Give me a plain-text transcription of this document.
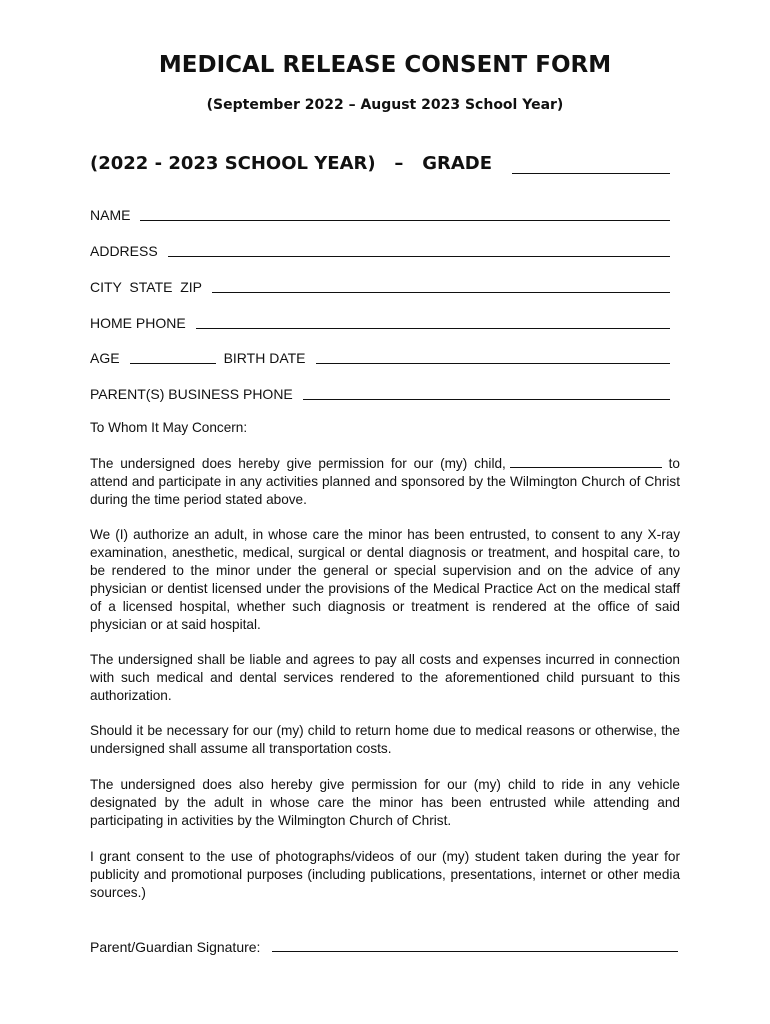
MEDICAL RELEASE CONSENT FORM
(September 2022 – August 2023 School Year)
(2022 - 2023 SCHOOL YEAR)   –   GRADE
NAME
ADDRESS
CITY  STATE  ZIP
HOME PHONE
AGE	BIRTH DATE
PARENT(S) BUSINESS PHONE
To Whom It May Concern:
The undersigned does hereby give permission for our (my) child,	to attend and participate in any activities planned and sponsored by the Wilmington Church of Christ during the time period stated above.
We (I) authorize an adult, in whose care the minor has been entrusted, to consent to any X-ray examination, anesthetic, medical, surgical or dental diagnosis or treatment, and hospital care, to be rendered to the minor under the general or special supervision and on the advice of any physician or dentist licensed under the provisions of the Medical Practice Act on the medical staff of a licensed hospital, whether such diagnosis or treatment is rendered at the office of said physician or at said hospital.
The undersigned shall be liable and agrees to pay all costs and expenses incurred in connection with such medical and dental services rendered to the aforementioned child pursuant to this authorization.
Should it be necessary for our (my) child to return home due to medical reasons or otherwise, the undersigned shall assume all transportation costs.
The undersigned does also hereby give permission for our (my) child to ride in any vehicle designated by the adult in whose care the minor has been entrusted while attending and participating in activities by the Wilmington Church of Christ.
I grant consent to the use of photographs/videos of our (my) student taken during the year for publicity and promotional purposes (including publications, presentations, internet or other media sources.)
Parent/Guardian Signature:
